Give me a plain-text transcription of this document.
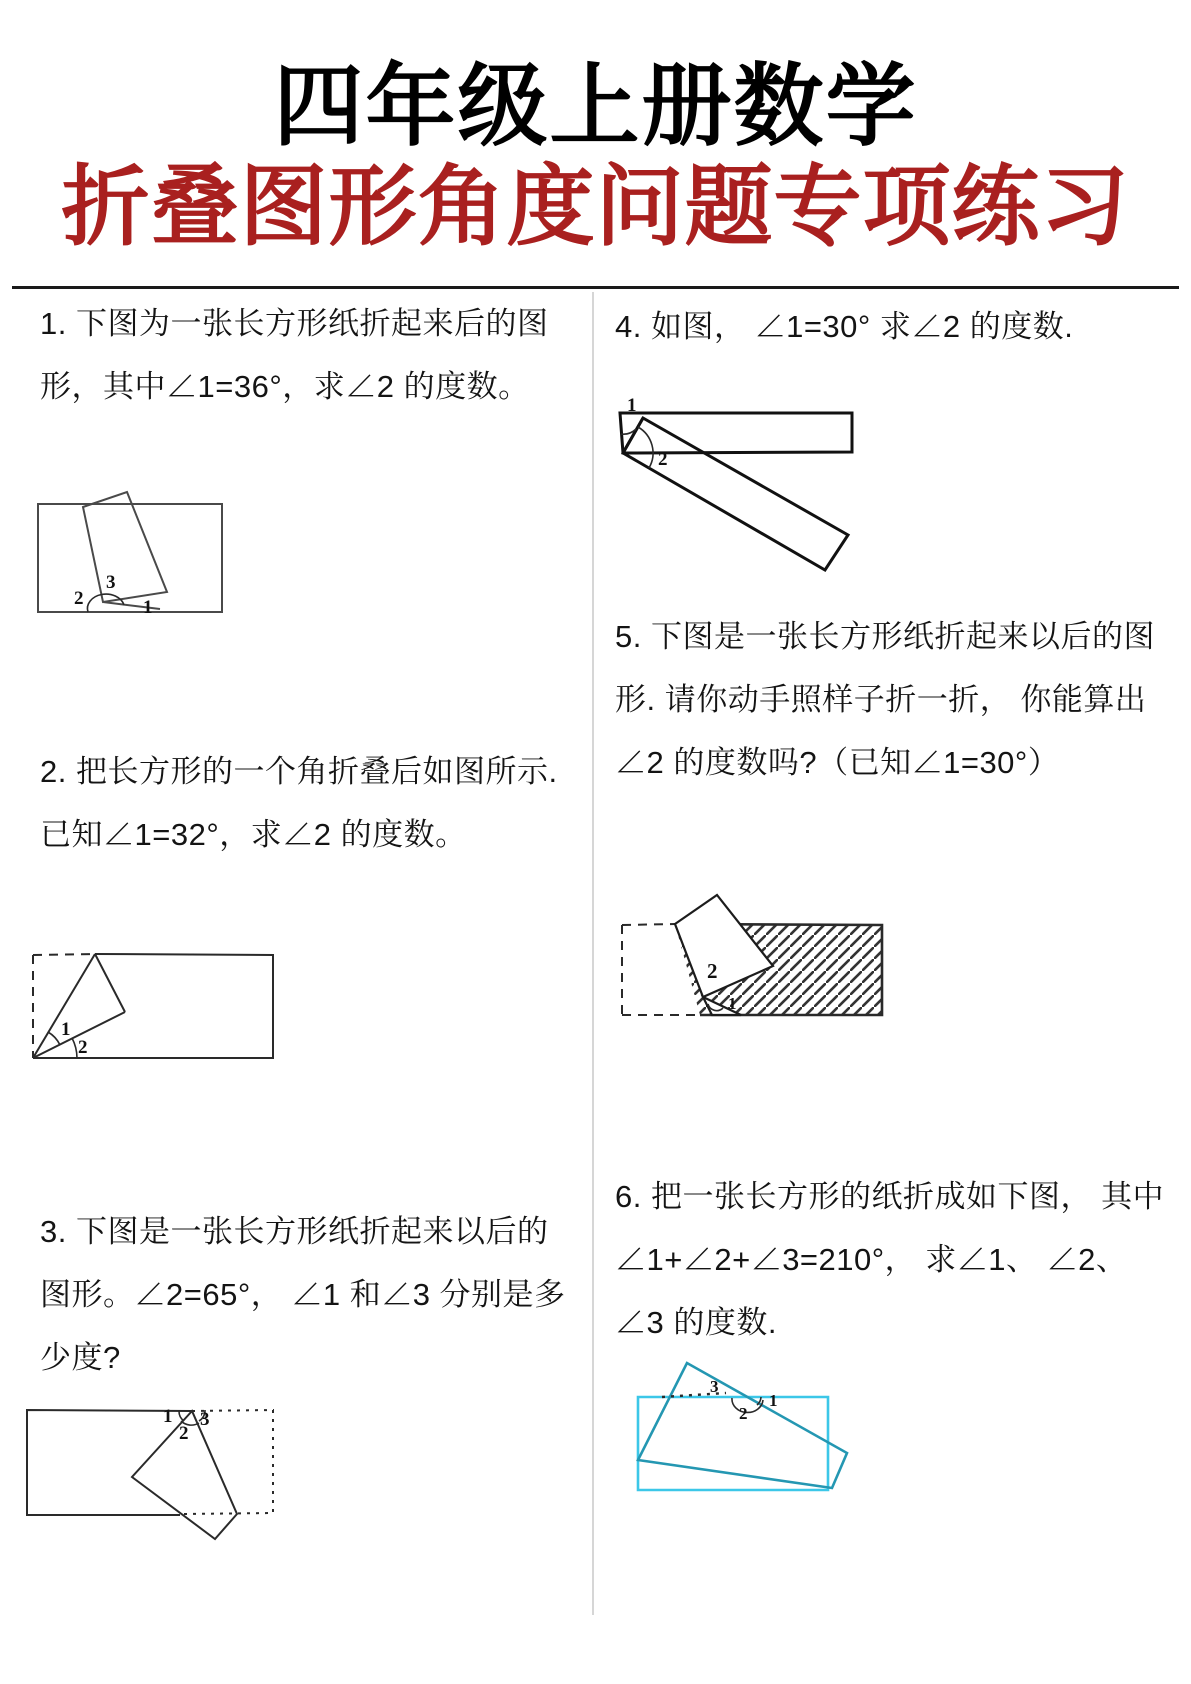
四年级上册数学
折叠图形角度问题专项练习
1. 下图为一张长方形纸折起来后的图形，其中∠1=36°，求∠2 的度数。
2
3
1
2. 把长方形的一个角折叠后如图所示. 已知∠1=32°，求∠2 的度数。
1
2
3. 下图是一张长方形纸折起来以后的图形。∠2=65°， ∠1 和∠3 分别是多少度?
1
2
3
4. 如图， ∠1=30° 求∠2 的度数.
1
2
5. 下图是一张长方形纸折起来以后的图形. 请你动手照样子折一折， 你能算出∠2 的度数吗?（已知∠1=30°）
2
1
6. 把一张长方形的纸折成如下图， 其中∠1+∠2+∠3=210°， 求∠1、 ∠2、 ∠3 的度数.
3
2
1
